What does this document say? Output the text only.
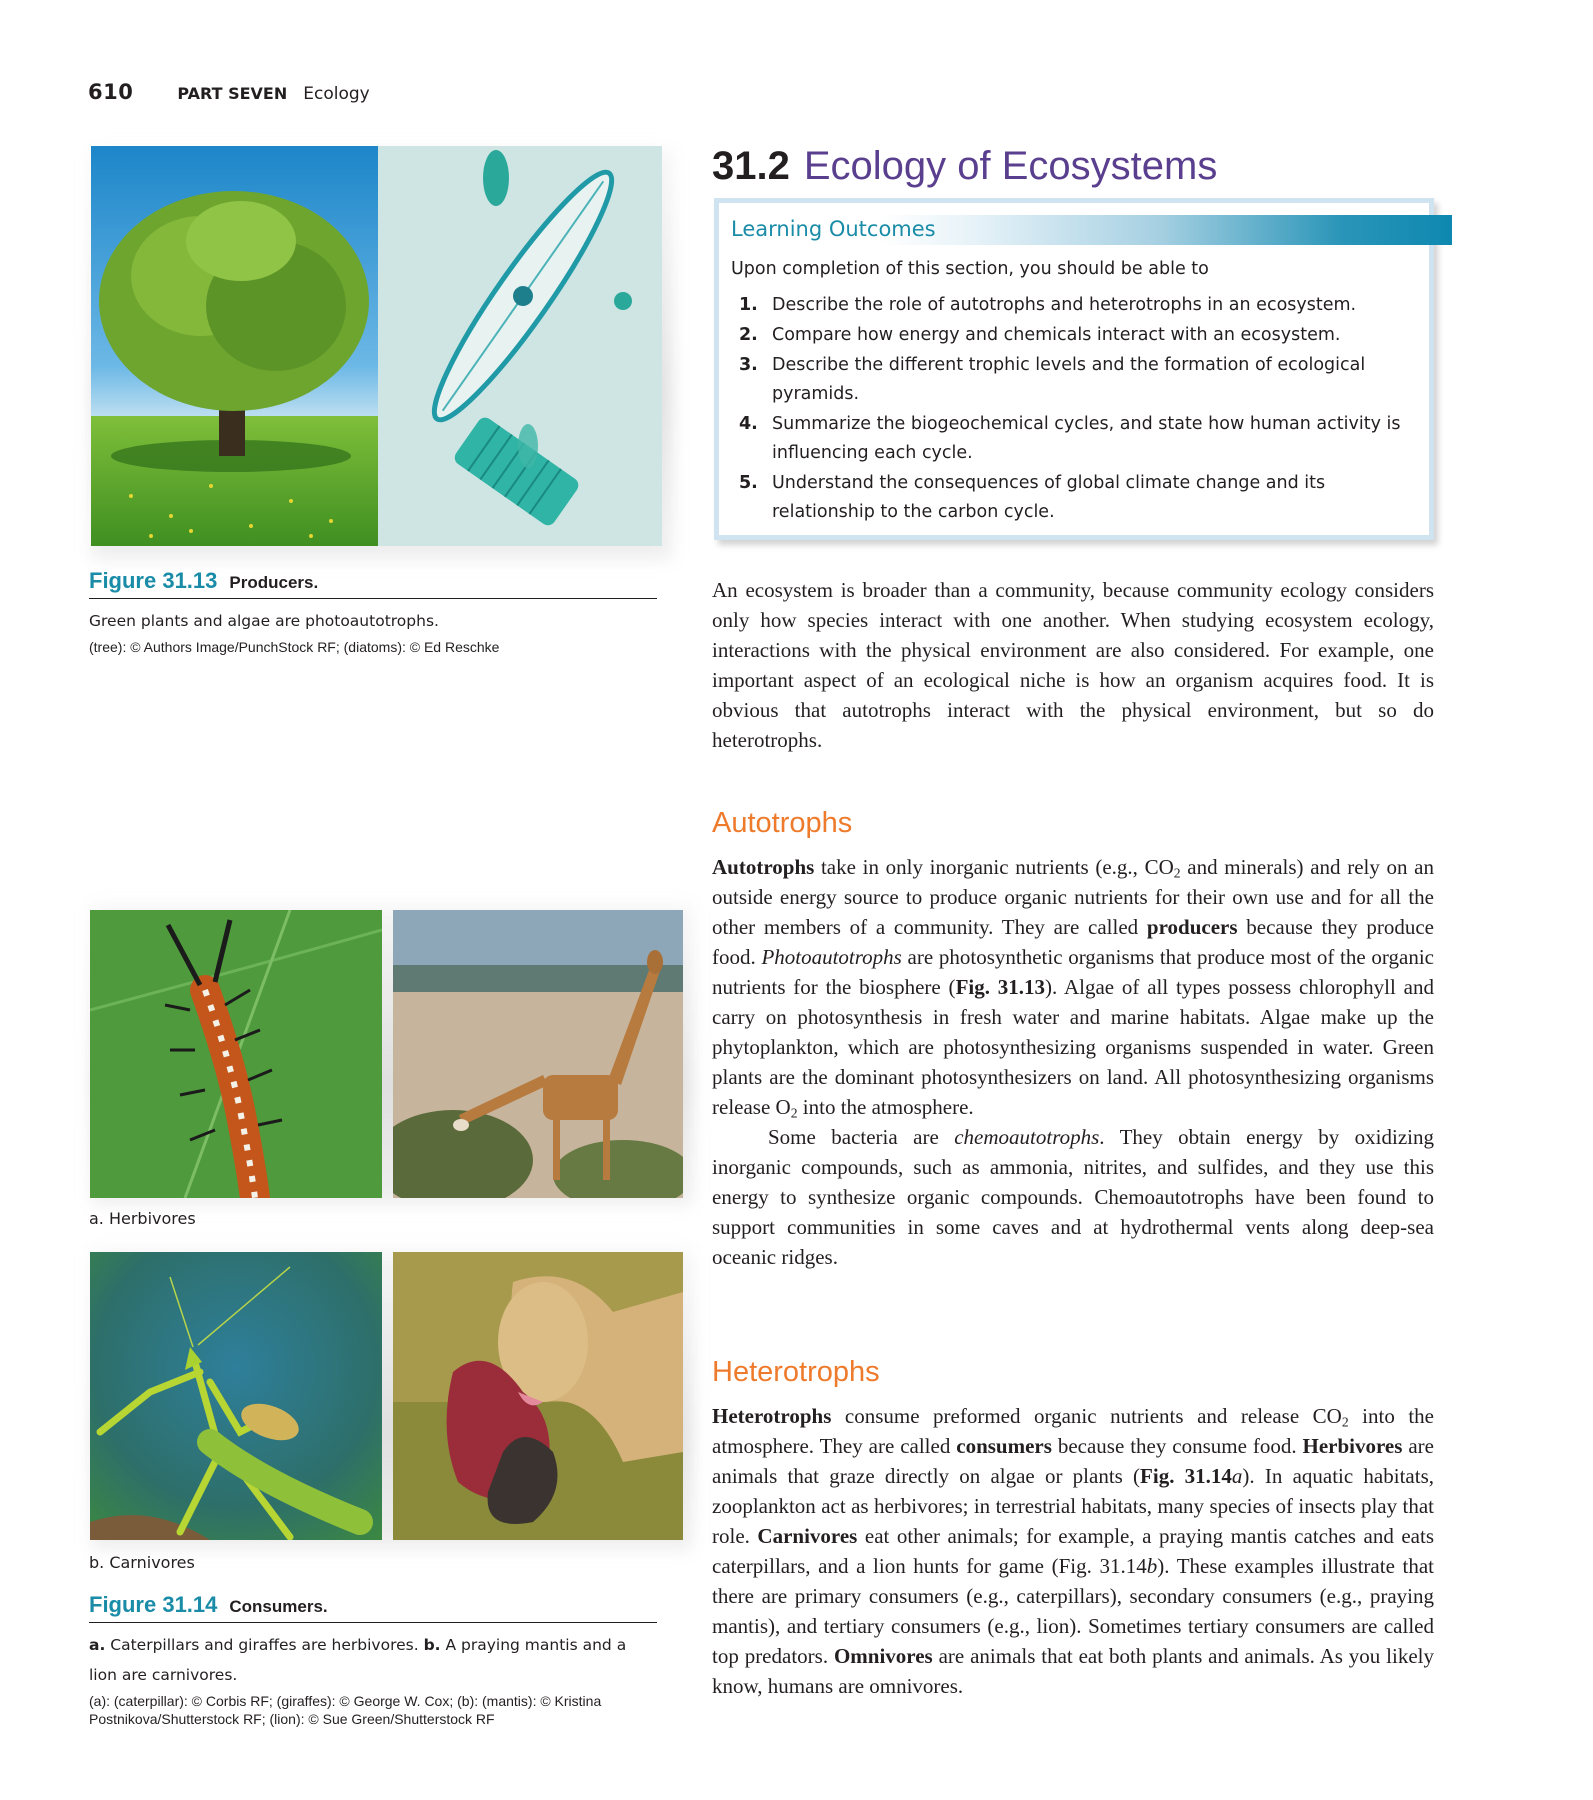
610	PART SEVEN Ecology
Figure 31.13 Producers.
Green plants and algae are photoautotrophs.
(tree): © Authors Image/PunchStock RF; (diatoms): © Ed Reschke
a. Herbivores
b. Carnivores
Figure 31.14 Consumers.
a. Caterpillars and giraffes are herbivores. b. A praying mantis and a lion are carnivores.
(a): (caterpillar): © Corbis RF; (giraffes): © George W. Cox; (b): (mantis): © Kristina Postnikova/Shutterstock RF; (lion): © Sue Green/Shutterstock RF
31.2 Ecology of Ecosystems
Learning Outcomes
Upon completion of this section, you should be able to
1. Describe the role of autotrophs and heterotrophs in an ecosystem.
2. Compare how energy and chemicals interact with an ecosystem.
3. Describe the different trophic levels and the formation of ecological pyramids.
4. Summarize the biogeochemical cycles, and state how human activity is influencing each cycle.
5. Understand the consequences of global climate change and its relationship to the carbon cycle.

An ecosystem is broader than a community, because community ecology considers only how species interact with one another. When studying ecosystem ecology, interactions with the physical environment are also considered. For example, one important aspect of an ecological niche is how an organism acquires food. It is obvious that autotrophs interact with the physical environment, but so do heterotrophs.

Autotrophs

Autotrophs take in only inorganic nutrients (e.g., $CO_2$ and minerals) and rely on an outside energy source to produce organic nutrients for their own use and for all the other members of a community. They are called producers because they produce food. Photoautotrophs are photosynthetic organisms that produce most of the organic nutrients for the biosphere (Fig. 31.13). Algae of all types possess chlorophyll and carry on photosynthesis in fresh water and marine habitats. Algae make up the phytoplankton, which are photosynthesizing organisms suspended in water. Green plants are the dominant photosynthesizers on land. All photosynthesizing organisms release $O_2$ into the atmosphere.

Some bacteria are chemoautotrophs. They obtain energy by oxidizing inorganic compounds, such as ammonia, nitrites, and sulfides, and they use this energy to synthesize organic compounds. Chemoautotrophs have been found to support communities in some caves and at hydrothermal vents along deep-sea oceanic ridges.

Heterotrophs

Heterotrophs consume preformed organic nutrients and release $CO_2$ into the atmosphere. They are called consumers because they consume food. Herbivores are animals that graze directly on algae or plants (Fig. 31.14a). In aquatic habitats, zooplankton act as herbivores; in terrestrial habitats, many species of insects play that role. Carnivores eat other animals; for example, a praying mantis catches and eats caterpillars, and a lion hunts for game (Fig. 31.14b). These examples illustrate that there are primary consumers (e.g., caterpillars), secondary consumers (e.g., praying mantis), and tertiary consumers (e.g., lion). Sometimes tertiary consumers are called top predators. Omnivores are animals that eat both plants and animals. As you likely know, humans are omnivores.
